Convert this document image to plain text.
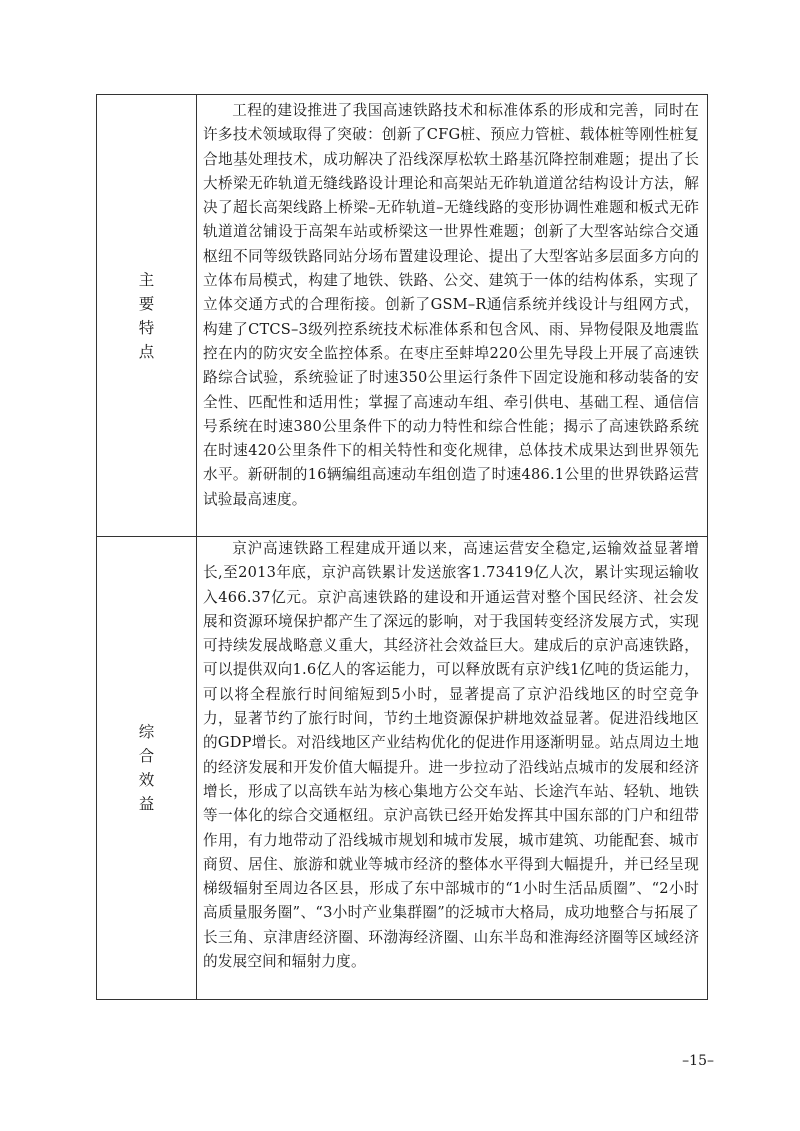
主
要
特
点

工程的建设推进了我国高速铁路技术和标准体系的形成和完善，同时在许多技术领域取得了突破：创新了CFG桩、预应力管桩、载体桩等刚性桩复合地基处理技术，成功解决了沿线深厚松软土路基沉降控制难题；提出了长大桥梁无砟轨道无缝线路设计理论和高架站无砟轨道道岔结构设计方法，解决了超长高架线路上桥梁–无砟轨道–无缝线路的变形协调性难题和板式无砟轨道道岔铺设于高架车站或桥梁这一世界性难题；创新了大型客站综合交通枢纽不同等级铁路同站分场布置建设理论、提出了大型客站多层面多方向的立体布局模式，构建了地铁、铁路、公交、建筑于一体的结构体系，实现了立体交通方式的合理衔接。创新了GSM–R通信系统并线设计与组网方式，构建了CTCS–3级列控系统技术标准体系和包含风、雨、异物侵限及地震监控在内的防灾安全监控体系。在枣庄至蚌埠220公里先导段上开展了高速铁路综合试验，系统验证了时速350公里运行条件下固定设施和移动装备的安全性、匹配性和适用性；掌握了高速动车组、牵引供电、基础工程、通信信号系统在时速380公里条件下的动力特性和综合性能；揭示了高速铁路系统在时速420公里条件下的相关特性和变化规律，总体技术成果达到世界领先水平。新研制的16辆编组高速动车组创造了时速486.1公里的世界铁路运营试验最高速度。

综
合
效
益

京沪高速铁路工程建成开通以来，高速运营安全稳定,运输效益显著增长,至2013年底，京沪高铁累计发送旅客1.73419亿人次，累计实现运输收入466.37亿元。京沪高速铁路的建设和开通运营对整个国民经济、社会发展和资源环境保护都产生了深远的影响，对于我国转变经济发展方式，实现可持续发展战略意义重大，其经济社会效益巨大。建成后的京沪高速铁路，可以提供双向1.6亿人的客运能力，可以释放既有京沪线1亿吨的货运能力，可以将全程旅行时间缩短到5小时，显著提高了京沪沿线地区的时空竞争力，显著节约了旅行时间，节约土地资源保护耕地效益显著。促进沿线地区的GDP增长。对沿线地区产业结构优化的促进作用逐渐明显。站点周边土地的经济发展和开发价值大幅提升。进一步拉动了沿线站点城市的发展和经济增长，形成了以高铁车站为核心集地方公交车站、长途汽车站、轻轨、地铁等一体化的综合交通枢纽。京沪高铁已经开始发挥其中国东部的门户和纽带作用，有力地带动了沿线城市规划和城市发展，城市建筑、功能配套、城市商贸、居住、旅游和就业等城市经济的整体水平得到大幅提升，并已经呈现梯级辐射至周边各区县，形成了东中部城市的“1小时生活品质圈”、“2小时高质量服务圈”、“3小时产业集群圈”的泛城市大格局，成功地整合与拓展了长三角、京津唐经济圈、环渤海经济圈、山东半岛和淮海经济圈等区域经济的发展空间和辐射力度。

–15–
